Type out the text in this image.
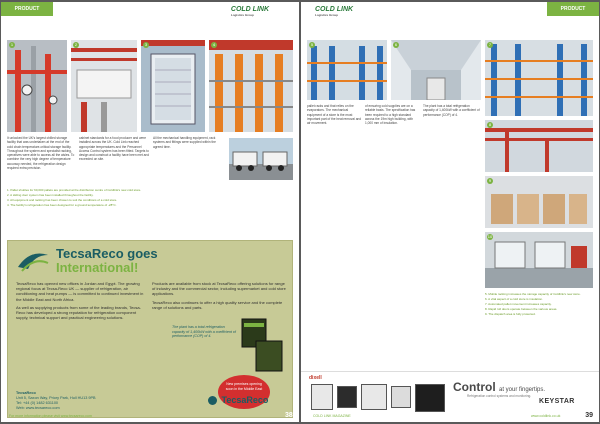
PRODUCT	COLD LINK
Logistics Group
1	2	3	4

It unlocked the UK's largest chilled storage facility that was undertaken at the end of the cold chain temperature-critical storage facility. Throughout the system and specialist racking, operatives were able to access all the aisles. To combine the very high degree of temperature accuracy needed, the refrigeration design required extra precision.

cabinet standards for a food producer and were installed across the UK. Cold Link reached appropriate temperatures and the Personnel Access Control system has been fitted. Targets to design and construct a facility have been met and exceeded on site.

All the mechanical handling equipment, rack systems and fittings were supplied within the agreed time.

1. Pallet shuttles for 60,000 pallets are provided at the distribution centre of Coldlink's new cold store.
2. A sliding door system has been installed throughout the facility.
3. All equipment and racking has been chosen to suit the conditions of a cold store.
4. The facility's refrigeration has been designed for a ground temperature of -28°C.
TecsaReco goes
International!

TecsaReco has opened new offices in Jordan and Egypt. The growing regional focus at Tecsa-Reco UK — supplier of refrigeration, air conditioning and heat pumps — is committed to continued investment in the Middle East and North Africa.

As well as supplying products from some of the leading brands, Tecsa-Reco has developed a strong reputation for refrigeration component supply, technical support and practical engineering solutions.

Products are available from stock at TecsaReco offering solutions for range of industry and the commercial sector, including supermarket and cold store applications.

TecsaReco also continues to offer a high quality service and the complete range of solutions and parts.

The plant has a total refrigeration capacity of 1,400kW with a coefficient of performance (COP) of 4.
New premises opening soon in the Middle East
TecsaReco
Unit 5, Saxon Way, Priory Park, Hull HU13 9PB
Tel: +44 (0) 1482 631100
Web: www.tecsareco.com
TecsaReco
For more information please visit www.tecsareco.com	38
COLD LINK
Logistics Group
PRODUCT
5	6	7
8
9
10

pallet racks and that relies on the evaporators. The mechanical equipment of a store is the most important part of the heat removal and air movement.

of ensuring cold supplies are on a reliable basis. The specification has been required to a high standard across the 19m high building, with 1,000 mm of insulation.

The plant has a total refrigeration capacity of 1,400kW with a coefficient of performance (COP) of 4.

5. Mobile racking increases the storage capacity of Coldlink's new store.
6. A vital aspect of a cold store is insulation.
7. Automated pallet movement increases capacity.
8. Rapid roll doors operate between the various areas.
9. The dispatch area is fully protected.
dixell
Control at your fingertips.
Refrigeration control systems and monitoring.
KEYSTAR
COLD LINK MAGAZINE	www.coldlink.co.uk	39
